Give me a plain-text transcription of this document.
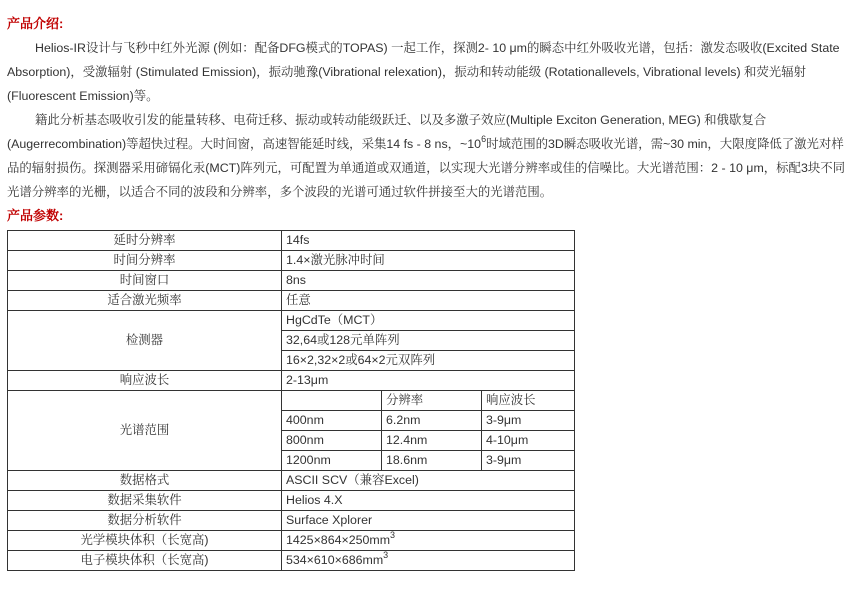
产品介绍:

Helios-IR设计与飞秒中红外光源 (例如：配备DFG模式的TOPAS) 一起工作，探测2- 10 μm的瞬态中红外吸收光谱，包括：激发态吸收(Excited State Absorption)，受激辐射 (Stimulated Emission)，振动驰豫(Vibrational relexation)，振动和转动能级 (Rotationallevels, Vibrational levels) 和荧光辐射(Fluorescent Emission)等。

籍此分析基态吸收引发的能量转移、电荷迁移、振动或转动能级跃迁、以及多激子效应(Multiple Exciton Generation, MEG) 和俄歇复合(Augerrecombination)等超快过程。大时间窗，高速智能延时线，采集14 fs - 8 ns，$\sim 10^6$时域范围的3D瞬态吸收光谱，需~30 min，大限度降低了激光对样品的辐射损伤。探测器采用碲镉化汞(MCT)阵列元，可配置为单通道或双通道，以实现大光谱分辨率或佳的信噪比。大光谱范围：2 - 10 μm，标配3块不同光谱分辨率的光栅，以适合不同的波段和分辨率，多个波段的光谱可通过软件拼接至大的光谱范围。

产品参数:

延时分辨率	14fs		
时间分辨率	1.4×激光脉冲时间		
时间窗口	8ns		
适合激光频率	任意		
检测器	HgCdTe（MCT）		
	32,64或128元单阵列		
	16×2,32×2或64×2元双阵列		
响应波长	2-13μm		
光谱范围		分辨率	响应波长
	400nm	6.2nm	3-9μm
	800nm	12.4nm	4-10μm
	1200nm	18.6nm	3-9μm
数据格式	ASCII SCV（兼容Excel)		
数据采集软件	Helios 4.X		
数据分析软件	Surface Xplorer		
光学模块体积（长宽高)	$1425\times 864\times 250mm^3$
电子模块体积（长宽高)	$534\times 610\times 686mm^3$
